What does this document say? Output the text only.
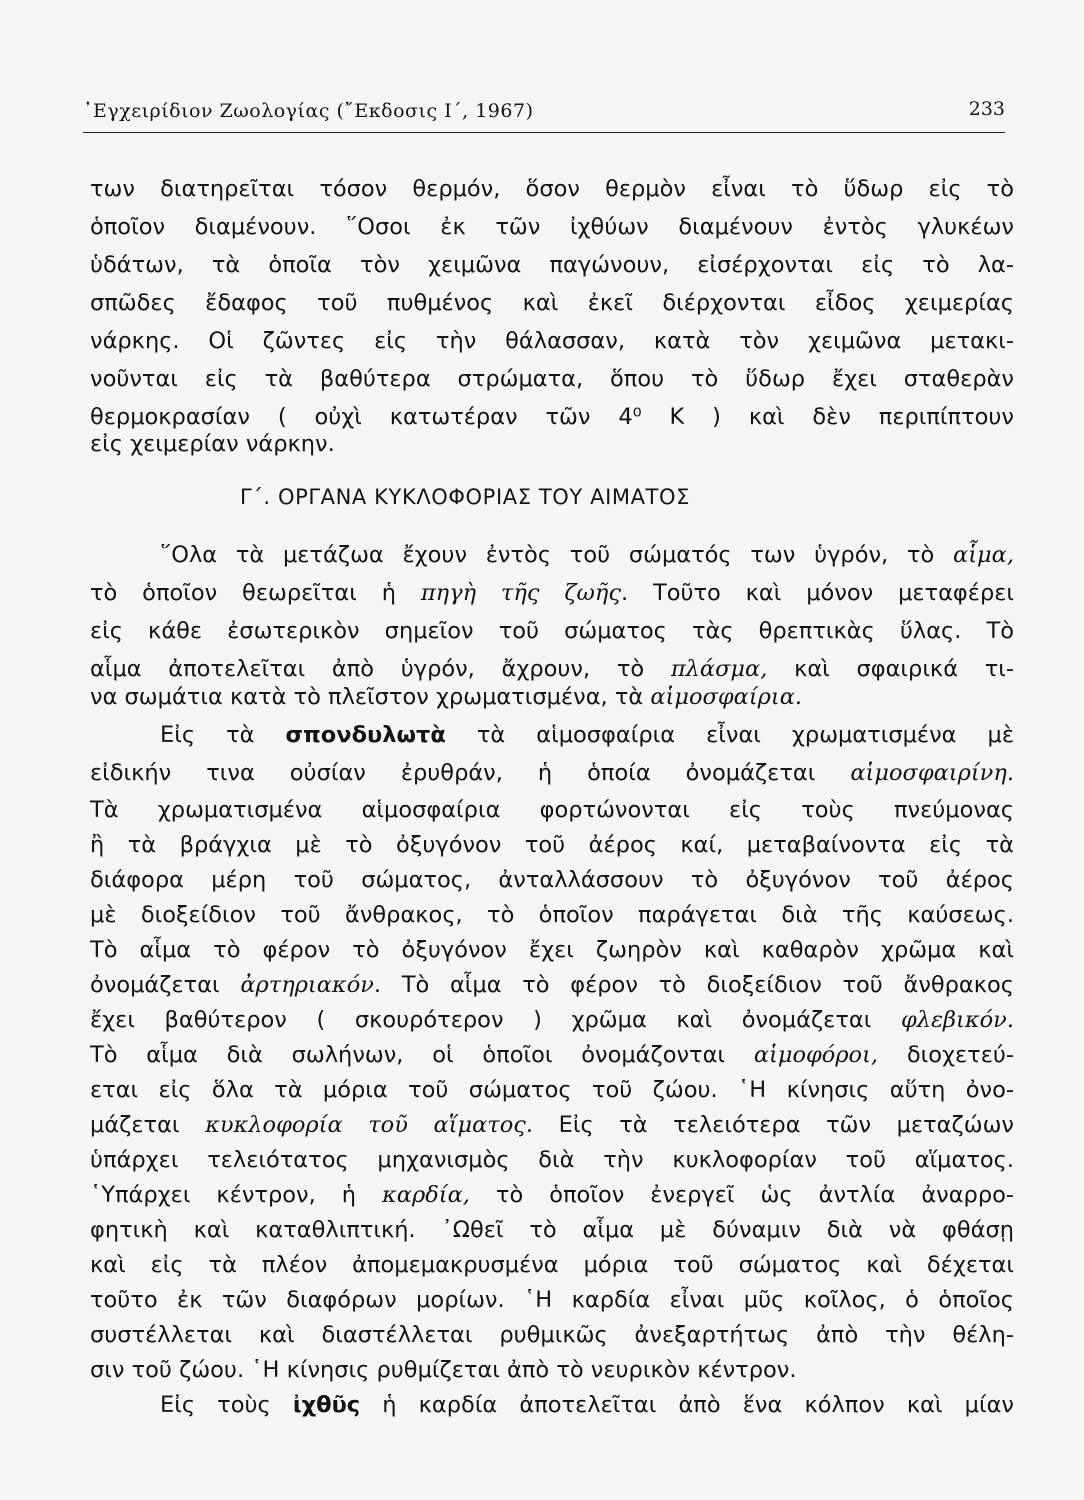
᾿Εγχειρίδιον Ζωολογίας (῎Εκδοσις Ι΄, 1967)	233
των διατηρεῖται τόσον θερμόν, ὅσον θερμὸν εἶναι τὸ ὕδωρ εἰς τὸ
ὁποῖον διαμένουν. ῞Οσοι ἐκ τῶν ἰχθύων διαμένουν ἐντὸς γλυκέων
ὑδάτων, τὰ ὁποῖα τὸν χειμῶνα παγώνουν, εἰσέρχονται εἰς τὸ λα-
σπῶδες ἔδαφος τοῦ πυθμένος καὶ ἐκεῖ διέρχονται εἶδος χειμερίας
νάρκης. Οἱ ζῶντες εἰς τὴν θάλασσαν, κατὰ τὸν χειμῶνα μετακι-
νοῦνται εἰς τὰ βαθύτερα στρώματα, ὅπου τὸ ὕδωρ ἔχει σταθερὰν
θερμοκρασίαν ( οὐχὶ κατωτέραν τῶν 4⁰ Κ ) καὶ δὲν περιπίπτουν
εἰς χειμερίαν νάρκην.
Γ΄. ΟΡΓΑΝΑ ΚΥΚΛΟΦΟΡΙΑΣ ΤΟΥ ΑΙΜΑΤΟΣ
῞Ολα τὰ μετάζωα ἔχουν ἐντὸς τοῦ σώματός των ὑγρόν, τὸ αἷμα,
τὸ ὁποῖον θεωρεῖται ἡ πηγὴ τῆς ζωῆς. Τοῦτο καὶ μόνον μεταφέρει
εἰς κάθε ἐσωτερικὸν σημεῖον τοῦ σώματος τὰς θρεπτικὰς ὕλας. Τὸ
αἷμα ἀποτελεῖται ἀπὸ ὑγρόν, ἄχρουν, τὸ πλάσμα, καὶ σφαιρικά τι-
να σωμάτια κατὰ τὸ πλεῖστον χρωματισμένα, τὰ αἱμοσφαίρια.
Εἰς τὰ σπονδυλωτὰ τὰ αἱμοσφαίρια εἶναι χρωματισμένα μὲ
εἰδικήν τινα οὐσίαν ἐρυθράν, ἡ ὁποία ὀνομάζεται αἱμοσφαιρίνη.
Τὰ χρωματισμένα αἱμοσφαίρια φορτώνονται εἰς τοὺς πνεύμονας
ἢ τὰ βράγχια μὲ τὸ ὀξυγόνον τοῦ ἀέρος καί, μεταβαίνοντα εἰς τὰ
διάφορα μέρη τοῦ σώματος, ἀνταλλάσσουν τὸ ὀξυγόνον τοῦ ἀέρος
μὲ διοξείδιον τοῦ ἄνθρακος, τὸ ὁποῖον παράγεται διὰ τῆς καύσεως.
Τὸ αἷμα τὸ φέρον τὸ ὀξυγόνον ἔχει ζωηρὸν καὶ καθαρὸν χρῶμα καὶ
ὀνομάζεται ἀρτηριακόν. Τὸ αἷμα τὸ φέρον τὸ διοξείδιον τοῦ ἄνθρακος
ἔχει βαθύτερον ( σκουρότερον ) χρῶμα καὶ ὀνομάζεται φλεβικόν.
Τὸ αἷμα διὰ σωλήνων, οἱ ὁποῖοι ὀνομάζονται αἱμοφόροι, διοχετεύ-
εται εἰς ὅλα τὰ μόρια τοῦ σώματος τοῦ ζώου. ῾Η κίνησις αὕτη ὀνο-
μάζεται κυκλοφορία τοῦ αἵματος. Εἰς τὰ τελειότερα τῶν μεταζώων
ὑπάρχει τελειότατος μηχανισμὸς διὰ τὴν κυκλοφορίαν τοῦ αἵματος.
῾Υπάρχει κέντρον, ἡ καρδία, τὸ ὁποῖον ἐνεργεῖ ὡς ἀντλία ἀναρρο-
φητικὴ καὶ καταθλιπτική. ᾿Ωθεῖ τὸ αἷμα μὲ δύναμιν διὰ νὰ φθάσῃ
καὶ εἰς τὰ πλέον ἀπομεμακρυσμένα μόρια τοῦ σώματος καὶ δέχεται
τοῦτο ἐκ τῶν διαφόρων μορίων. ῾Η καρδία εἶναι μῦς κοῖλος, ὁ ὁποῖος
συστέλλεται καὶ διαστέλλεται ρυθμικῶς ἀνεξαρτήτως ἀπὸ τὴν θέλη-
σιν τοῦ ζώου. ῾Η κίνησις ρυθμίζεται ἀπὸ τὸ νευρικὸν κέντρον.
Εἰς τοὺς ἰχθῦς ἡ καρδία ἀποτελεῖται ἀπὸ ἕνα κόλπον καὶ μίαν
